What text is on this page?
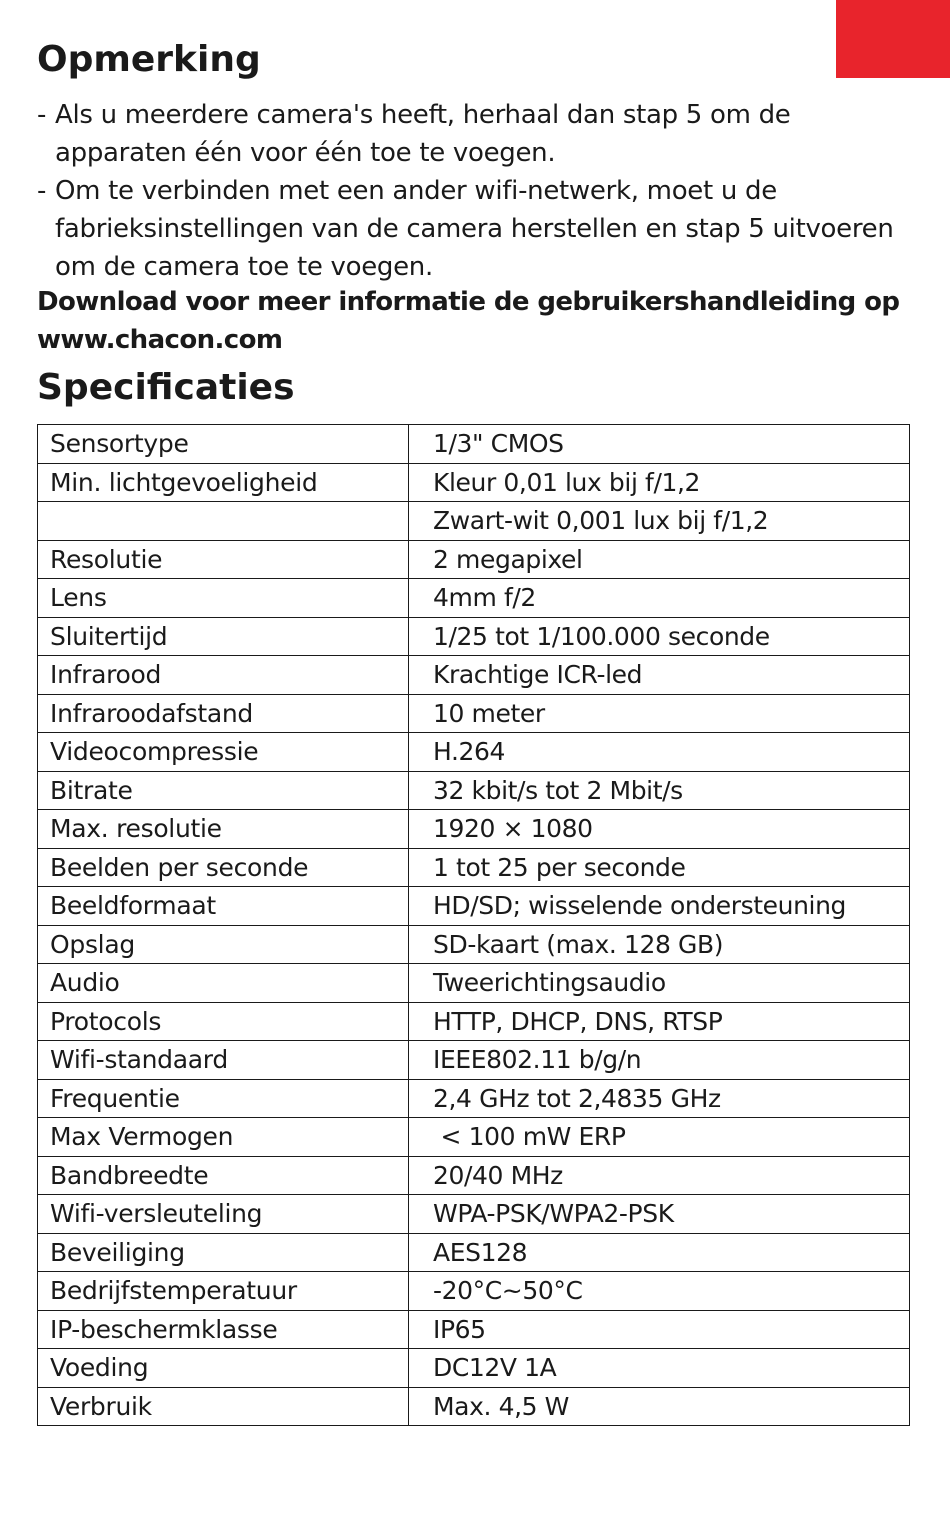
Opmerking
- Als u meerdere camera's heeft, herhaal dan stap 5 om de apparaten één voor één toe te voegen.
- Om te verbinden met een ander wifi-netwerk, moet u de fabrieksinstellingen van de camera herstellen en stap 5 uitvoeren om de camera toe te voegen.
Download voor meer informatie de gebruikershandleiding op www.chacon.com
Specificaties
Sensortype	1/3" CMOS
Min. lichtgevoeligheid	Kleur 0,01 lux bij f/1,2
	Zwart-wit 0,001 lux bij f/1,2
Resolutie	2 megapixel
Lens	4mm f/2
Sluitertijd	1/25 tot 1/100.000 seconde
Infrarood	Krachtige ICR-led
Infraroodafstand	10 meter
Videocompressie	H.264
Bitrate	32 kbit/s tot 2 Mbit/s
Max. resolutie	1920 × 1080
Beelden per seconde	1 tot 25 per seconde
Beeldformaat	HD/SD; wisselende ondersteuning
Opslag	SD-kaart (max. 128 GB)
Audio	Tweerichtingsaudio
Protocols	HTTP, DHCP, DNS, RTSP
Wifi-standaard	IEEE802.11 b/g/n
Frequentie	2,4 GHz tot 2,4835 GHz
Max Vermogen	< 100 mW ERP
Bandbreedte	20/40 MHz
Wifi-versleuteling	WPA-PSK/WPA2-PSK
Beveiliging	AES128
Bedrijfstemperatuur	-20°C~50°C
IP-beschermklasse	IP65
Voeding	DC12V 1A
Verbruik	Max. 4,5 W
